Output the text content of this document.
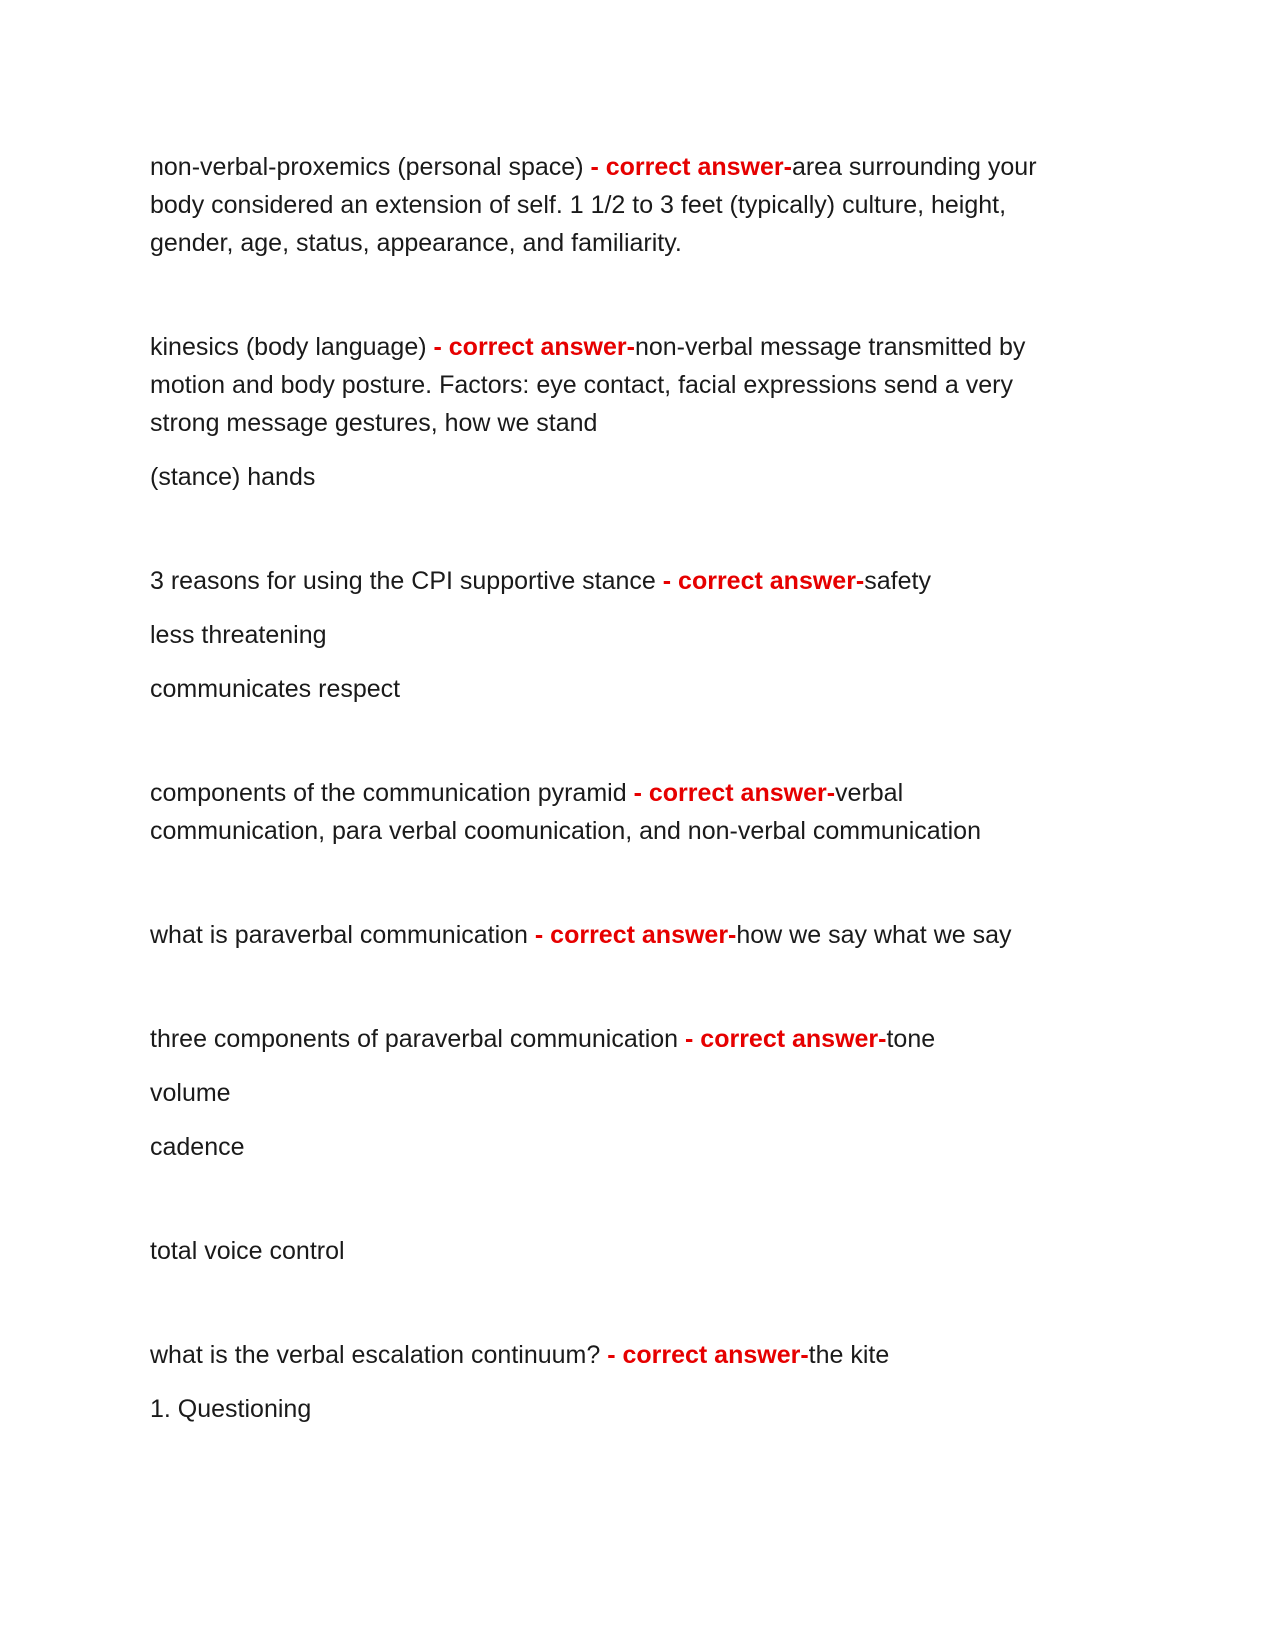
non-verbal-proxemics (personal space) - correct answer-area surrounding your
body considered an extension of self. 1 1/2 to 3 feet (typically) culture, height,
gender, age, status, appearance, and familiarity.
kinesics (body language) - correct answer-non-verbal message transmitted by
motion and body posture. Factors: eye contact, facial expressions send a very
strong message gestures, how we stand
(stance) hands
3 reasons for using the CPI supportive stance - correct answer-safety
less threatening
communicates respect
components of the communication pyramid - correct answer-verbal
communication, para verbal coomunication, and non-verbal communication
what is paraverbal communication - correct answer-how we say what we say
three components of paraverbal communication - correct answer-tone
volume
cadence
total voice control
what is the verbal escalation continuum? - correct answer-the kite
1. Questioning
